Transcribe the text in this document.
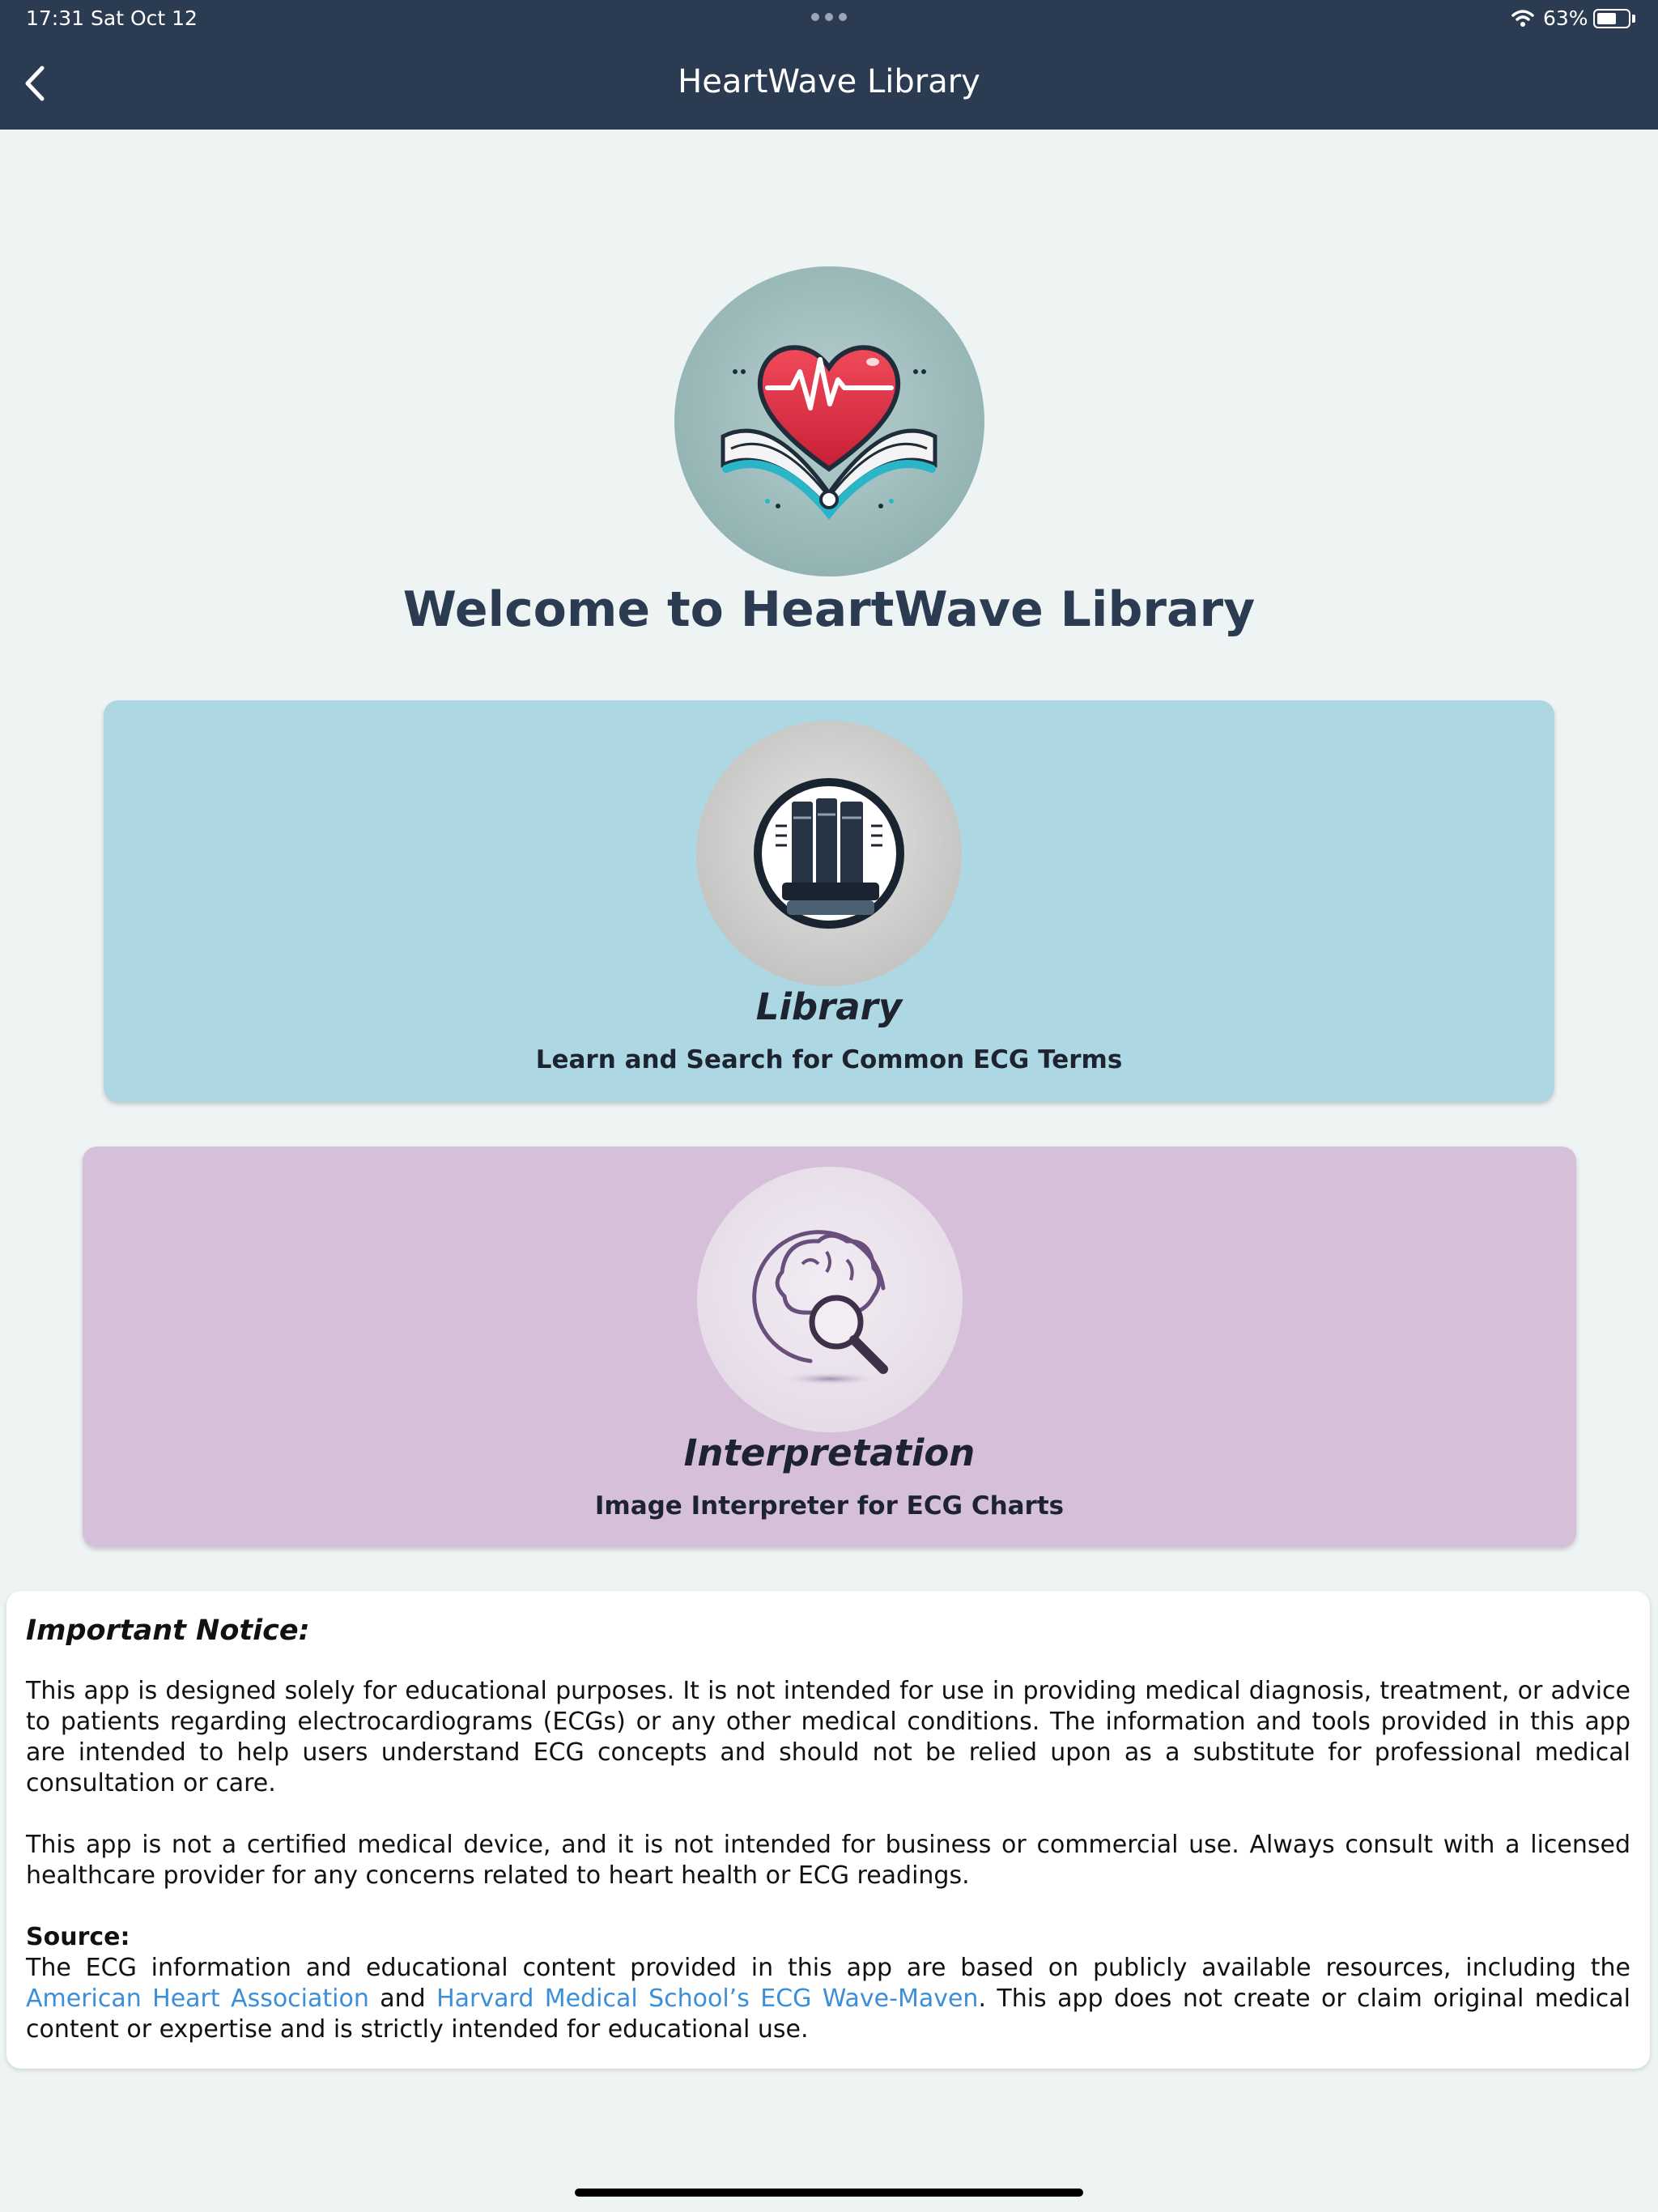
17:31 Sat Oct 12	63%
HeartWave Library
Welcome to HeartWave Library
Library
Learn and Search for Common ECG Terms
Interpretation
Image Interpreter for ECG Charts
Important Notice:

This app is designed solely for educational purposes. It is not intended for use in providing medical diagnosis, treatment, or advice to patients regarding electrocardiograms (ECGs) or any other medical conditions. The information and tools provided in this app are intended to help users understand ECG concepts and should not be relied upon as a substitute for professional medical consultation or care.

This app is not a certified medical device, and it is not intended for business or commercial use. Always consult with a licensed healthcare provider for any concerns related to heart health or ECG readings.

Source:

The ECG information and educational content provided in this app are based on publicly available resources, including the American Heart Association and Harvard Medical School’s ECG Wave-Maven. This app does not create or claim original medical content or expertise and is strictly intended for educational use.
